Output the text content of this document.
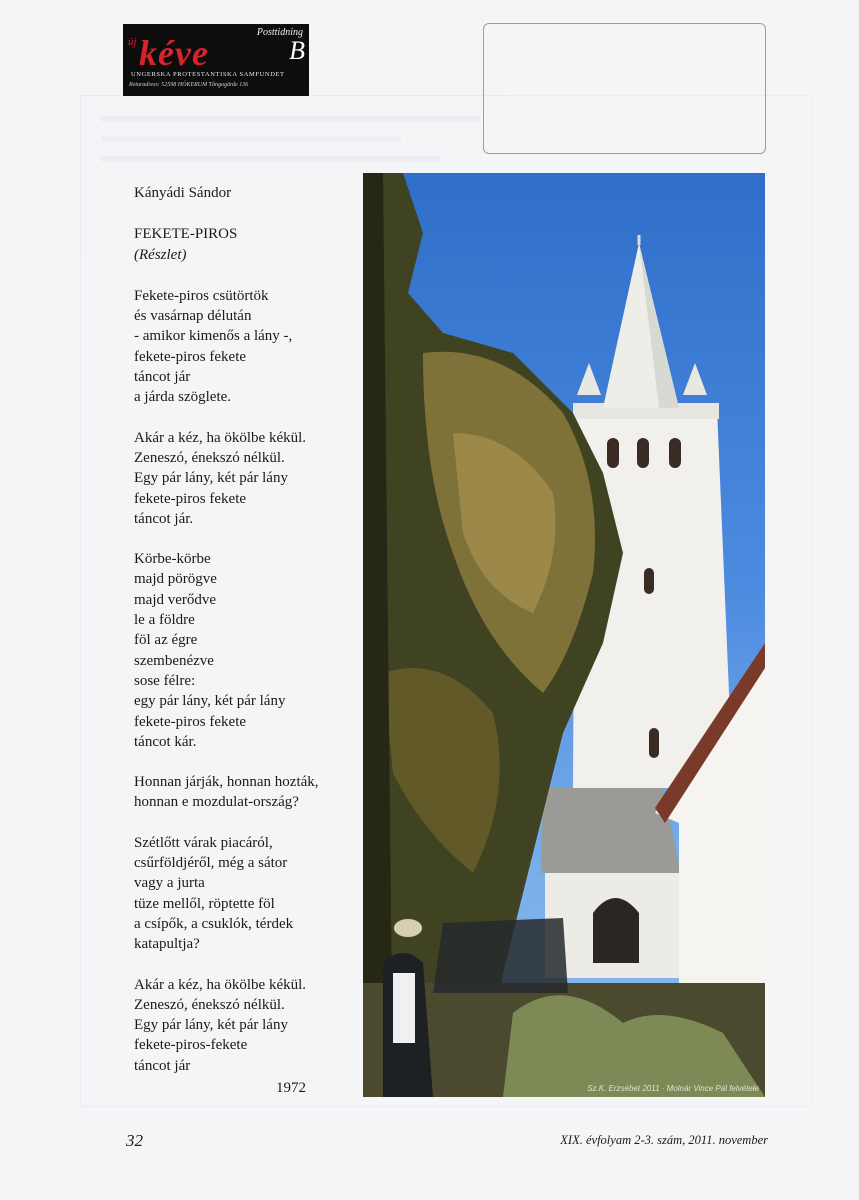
új kéve
Posttidning
B
UNGERSKA PROTESTANTISKA SAMFUNDET
Returadress: 52598 HÖKERUM Tångagärde 136

Kányádi Sándor

FEKETE-PIROS

(Részlet)

Fekete-piros csütörtök
és vasárnap délután
- amikor kimenős a lány -,
fekete-piros fekete
táncot jár
a járda szöglete.
Akár a kéz, ha ökölbe kékül.
Zeneszó, énekszó nélkül.
Egy pár lány, két pár lány
fekete-piros fekete
táncot jár.
Körbe-körbe
majd pörögve
majd verődve
le a földre
föl az égre
szembenézve
sose félre:
egy pár lány, két pár lány
fekete-piros fekete
táncot kár.
Honnan járják, honnan hozták,
honnan e mozdulat-ország?
Szétlőtt várak piacáról,
csűrföldjéről, még a sátor
vagy a jurta
tüze mellől, röptette föl
a csípők, a csuklók, térdek
katapultja?
Akár a kéz, ha ökölbe kékül.
Zeneszó, énekszó nélkül.
Egy pár lány, két pár lány
fekete-piros-fekete
táncot jár
1972	Sz.K. Erzsébet 2011 · Molnár Vince Pál felvétele
32	XIX. évfolyam 2-3. szám, 2011. november
